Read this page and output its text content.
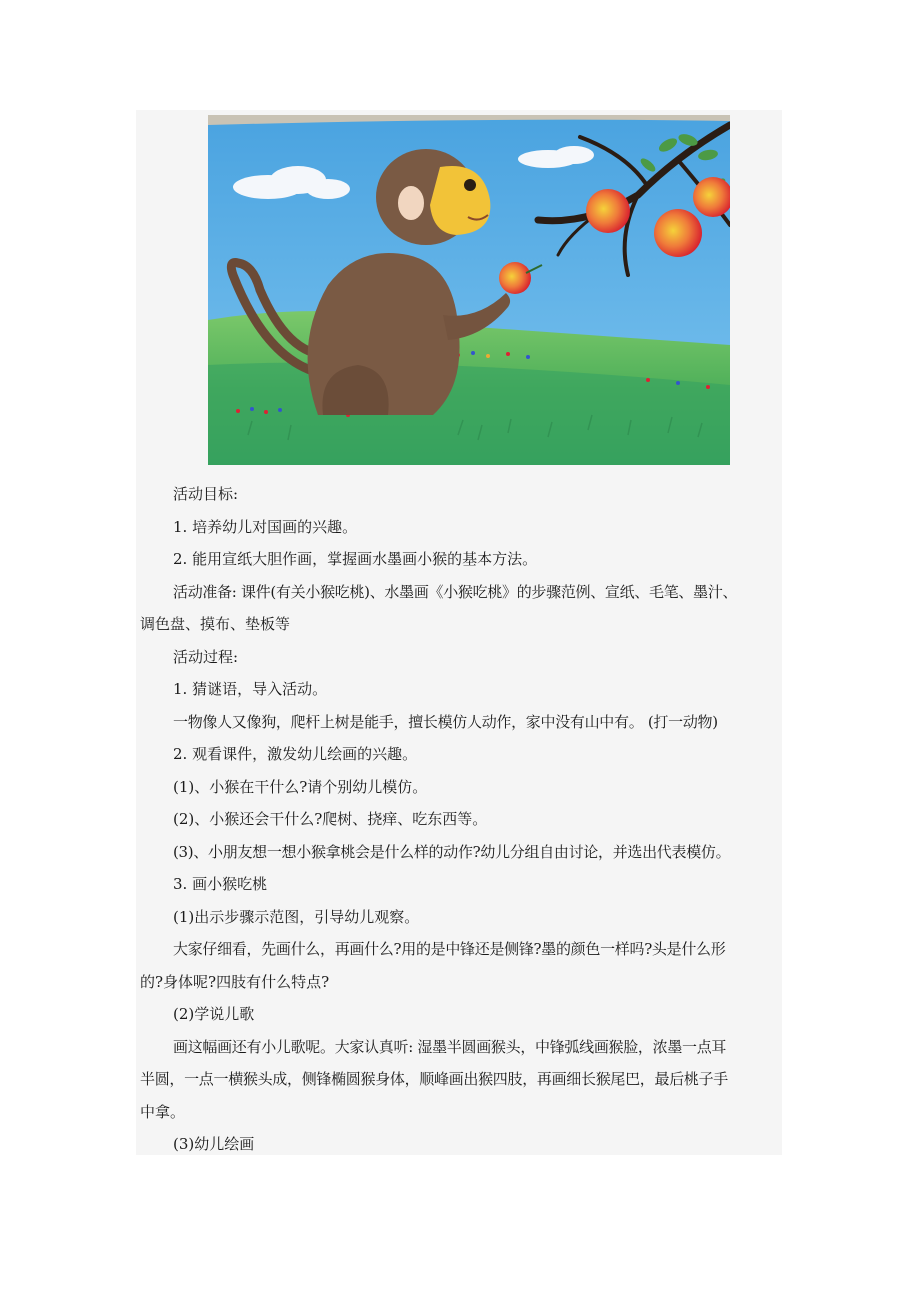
活动目标:

1. 培养幼儿对国画的兴趣。

2. 能用宣纸大胆作画，掌握画水墨画小猴的基本方法。

活动准备: 课件(有关小猴吃桃)、水墨画《小猴吃桃》的步骤范例、宣纸、毛笔、墨汁、

调色盘、摸布、垫板等

活动过程:

1. 猜谜语，导入活动。

一物像人又像狗，爬杆上树是能手，擅长模仿人动作，家中没有山中有。 (打一动物)

2. 观看课件，激发幼儿绘画的兴趣。

(1)、小猴在干什么?请个别幼儿模仿。

(2)、小猴还会干什么?爬树、挠痒、吃东西等。

(3)、小朋友想一想小猴拿桃会是什么样的动作?幼儿分组自由讨论，并选出代表模仿。

3. 画小猴吃桃

(1)出示步骤示范图，引导幼儿观察。

大家仔细看，先画什么，再画什么?用的是中锋还是侧锋?墨的颜色一样吗?头是什么形

的?身体呢?四肢有什么特点?

(2)学说儿歌

画这幅画还有小儿歌呢。大家认真听: 湿墨半圆画猴头，中锋弧线画猴脸，浓墨一点耳

半圆，一点一横猴头成，侧锋椭圆猴身体，顺峰画出猴四肢，再画细长猴尾巴，最后桃子手

中拿。

(3)幼儿绘画
